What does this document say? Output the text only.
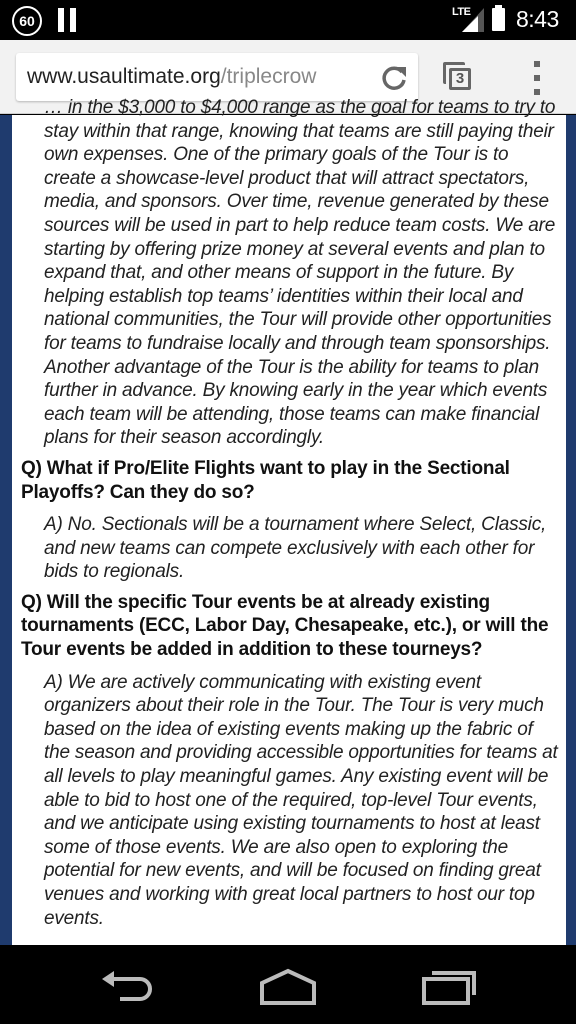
60
LTE 8:43
www.usaultimate.org/triplecrow	3
… in the $3,000 to $4,000 range as the goal for teams to try to stay within that range, knowing that teams are still paying their own expenses. One of the primary goals of the Tour is to create a showcase-level product that will attract spectators, media, and sponsors. Over time, revenue generated by these sources will be used in part to help reduce team costs. We are starting by offering prize money at several events and plan to expand that, and other means of support in the future. By helping establish top teams’ identities within their local and national communities, the Tour will provide other opportunities for teams to fundraise locally and through team sponsorships. Another advantage of the Tour is the ability for teams to plan further in advance. By knowing early in the year which events each team will be attending, those teams can make financial plans for their season accordingly.
Q) What if Pro/Elite Flights want to play in the Sectional Playoffs? Can they do so?
A) No. Sectionals will be a tournament where Select, Classic, and new teams can compete exclusively with each other for bids to regionals.
Q) Will the specific Tour events be at already existing tournaments (ECC, Labor Day, Chesapeake, etc.), or will the Tour events be added in addition to these tourneys?
A) We are actively communicating with existing event organizers about their role in the Tour. The Tour is very much based on the idea of existing events making up the fabric of the season and providing accessible opportunities for teams at all levels to play meaningful games. Any existing event will be able to bid to host one of the required, top-level Tour events, and we anticipate using existing tournaments to host at least some of those events. We are also open to exploring the potential for new events, and will be focused on finding great venues and working with great local partners to host our top events.
